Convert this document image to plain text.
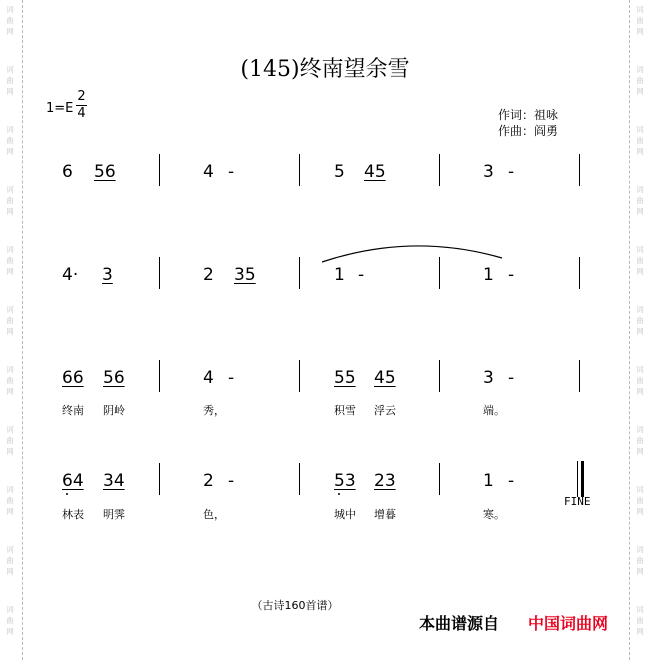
词
曲
网
词
曲
网
词
曲
网
词
曲
网
词
曲
网
词
曲
网
词
曲
网
词
曲
网
词
曲
网
词
曲
网
词
曲
网
词
曲
网
词
曲
网
词
曲
网
词
曲
网
词
曲
网
词
曲
网
词
曲
网
词
曲
网
词
曲
网
词
曲
网
词
曲
网
(145)终南望余雪
1=E
2
4	作词：祖咏
作曲：阎勇
6 56	4 -	5 45	3 -
4· 3	2 35	1 -	1 -
66 56	4 -	55 45	3 -
终南 阴岭	秀，	积雪 浮云	端。
64 34	2 -	53 23	1 -
FINE
林表 明霁	色，	城中 增暮	寒。
（古诗160首谱）
本曲谱源自 中国词曲网
